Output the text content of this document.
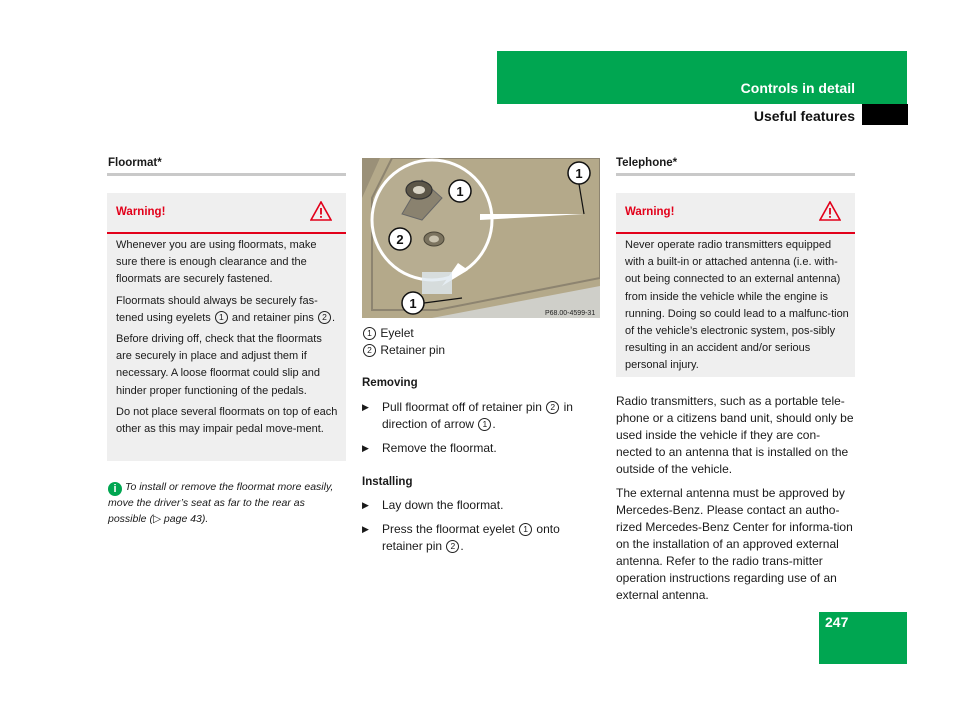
Controls in detail
Useful features
Floormat*
Warning!

Whenever you are using floormats, make sure there is enough clearance and the floormats are securely fastened.

Floormats should always be securely fas-tened using eyelets 1 and retainer pins 2 .

Before driving off, check that the floormats are securely in place and adjust them if necessary. A loose floormat could slip and hinder proper functioning of the pedals.

Do not place several floormats on top of each other as this may impair pedal move-ment.

i To install or remove the floormat more easily, move the driver’s seat as far to the rear as possible (▷ page 43).
1
2
1
1
P68.00-4599-31
1 Eyelet
2 Retainer pin
Removing
▶ Pull floormat off of retainer pin 2 in direction of arrow 1 .
▶ Remove the floormat.
Installing
▶ Lay down the floormat.
▶ Press the floormat eyelet 1 onto retainer pin 2 .
Telephone*
Warning!

Never operate radio transmitters equipped with a built-in or attached antenna (i.e. with-out being connected to an external antenna) from inside the vehicle while the engine is running. Doing so could lead to a malfunc-tion of the vehicle’s electronic system, pos-sibly resulting in an accident and/or serious personal injury.

Radio transmitters, such as a portable tele-phone or a citizens band unit, should only be used inside the vehicle if they are con-nected to an antenna that is installed on the outside of the vehicle.

The external antenna must be approved by Mercedes-Benz. Please contact an autho-rized Mercedes-Benz Center for informa-tion on the installation of an approved external antenna. Refer to the radio trans-mitter operation instructions regarding use of an external antenna.

247
